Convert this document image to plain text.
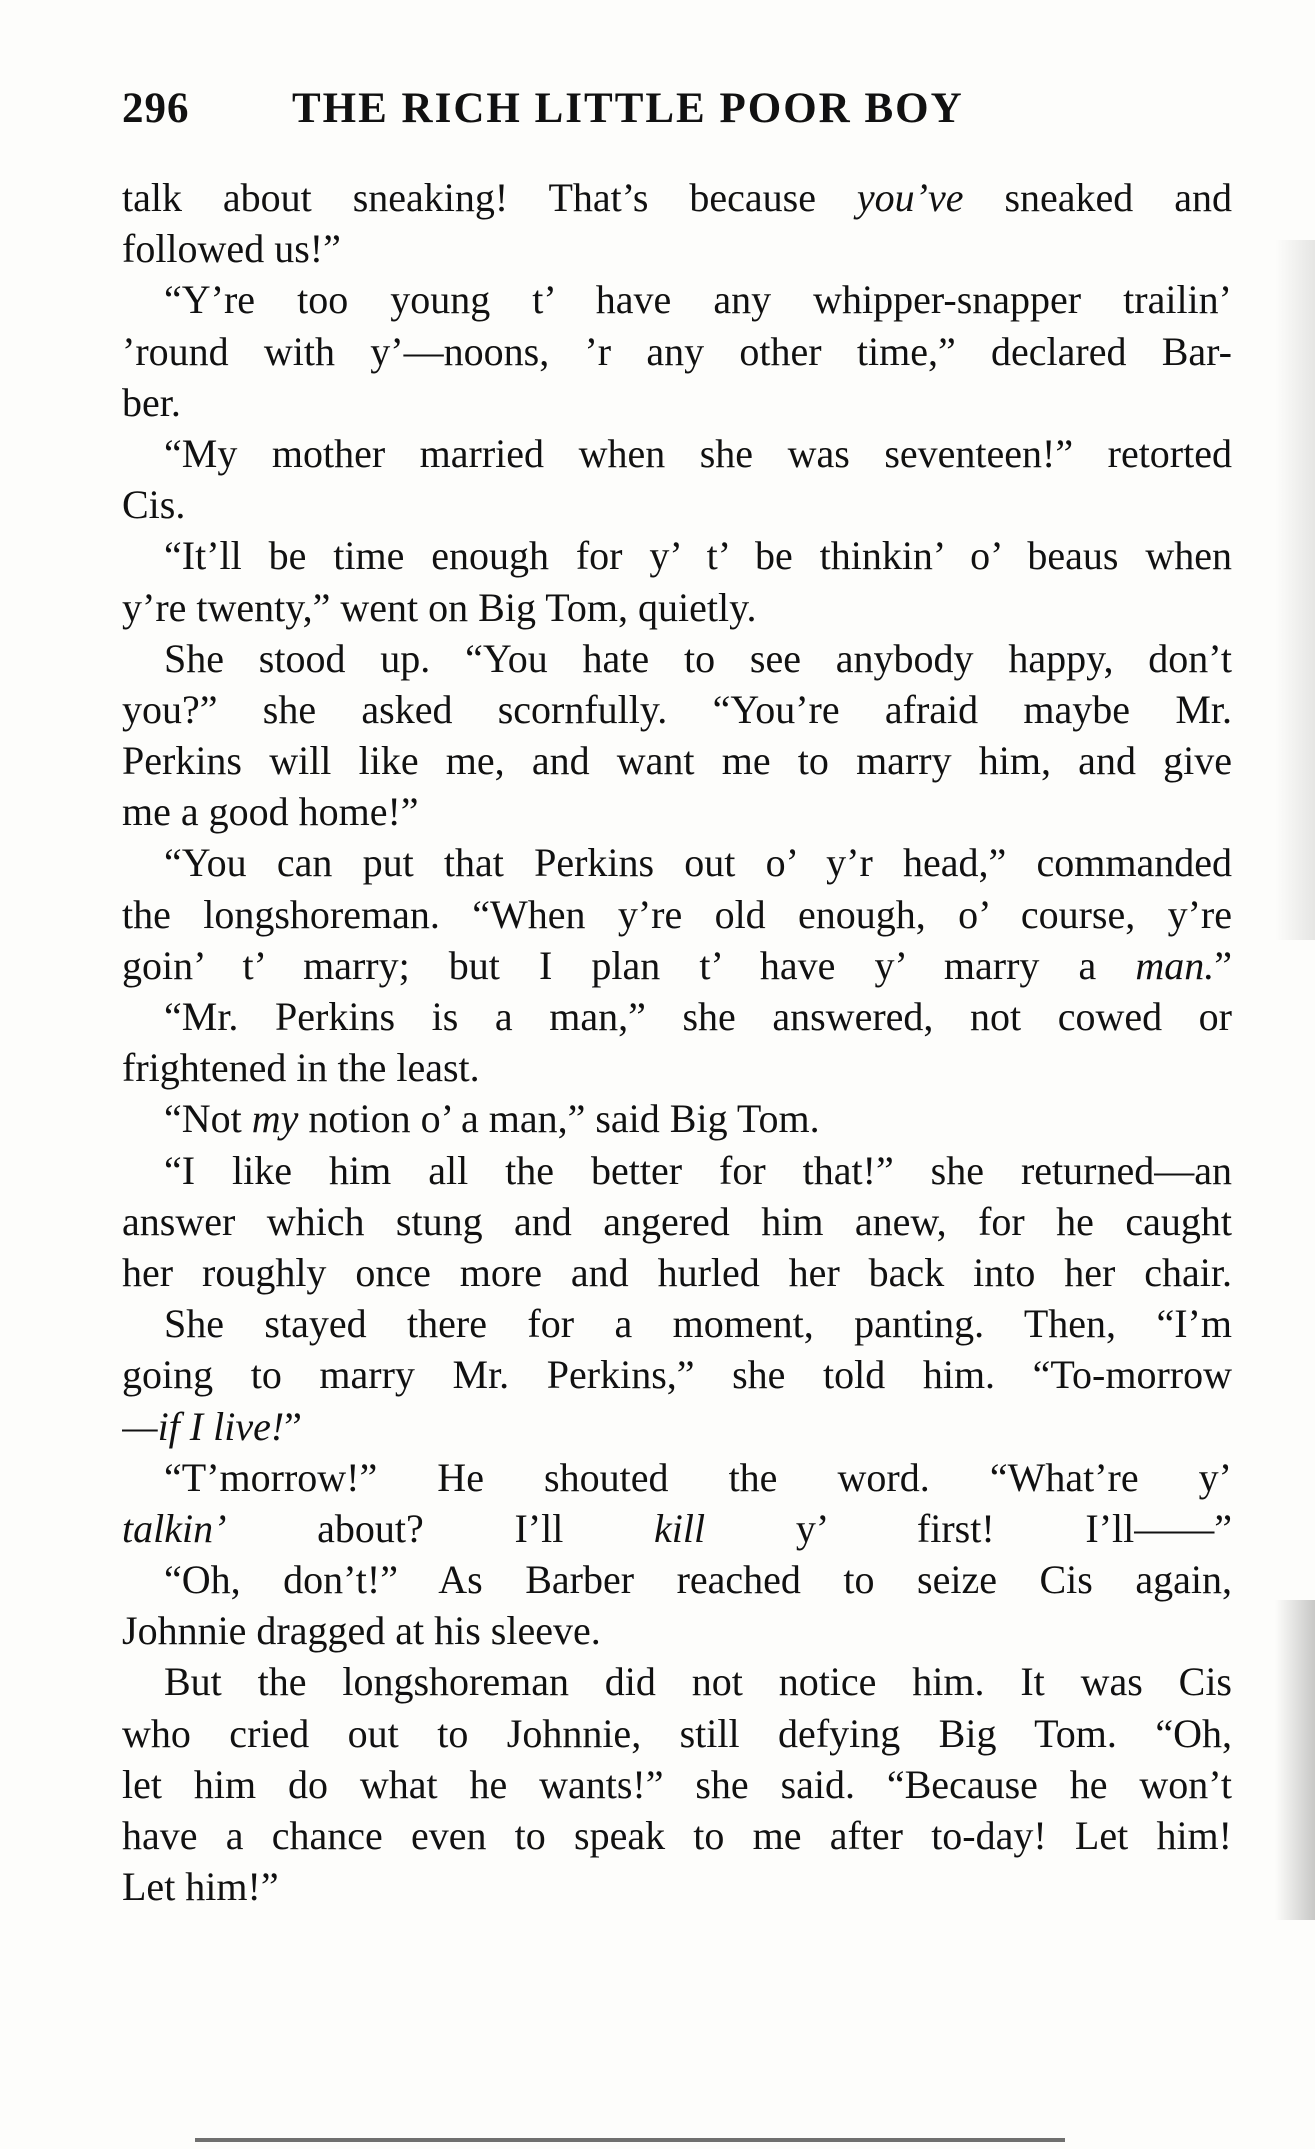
296 THE RICH LITTLE POOR BOY
talk about sneaking! That’s because you’ve sneaked and
followed us!”
“Y’re too young t’ have any whipper-snapper trailin’
’round with y’—noons, ’r any other time,” declared Bar-
ber.
“My mother married when she was seventeen!” retorted
Cis.
“It’ll be time enough for y’ t’ be thinkin’ o’ beaus when
y’re twenty,” went on Big Tom, quietly.
She stood up. “You hate to see anybody happy, don’t
you?” she asked scornfully. “You’re afraid maybe Mr.
Perkins will like me, and want me to marry him, and give
me a good home!”
“You can put that Perkins out o’ y’r head,” commanded
the longshoreman. “When y’re old enough, o’ course, y’re
goin’ t’ marry; but I plan t’ have y’ marry a man.”
“Mr. Perkins is a man,” she answered, not cowed or
frightened in the least.
“Not my notion o’ a man,” said Big Tom.
“I like him all the better for that!” she returned—an
answer which stung and angered him anew, for he caught
her roughly once more and hurled her back into her chair.
She stayed there for a moment, panting. Then, “I’m
going to marry Mr. Perkins,” she told him. “To-morrow
—if I live!”
“T’morrow!” He shouted the word. “What’re y’
talkin’ about? I’ll kill y’ first! I’ll——”
“Oh, don’t!” As Barber reached to seize Cis again,
Johnnie dragged at his sleeve.
But the longshoreman did not notice him. It was Cis
who cried out to Johnnie, still defying Big Tom. “Oh,
let him do what he wants!” she said. “Because he won’t
have a chance even to speak to me after to-day! Let him!
Let him!”
